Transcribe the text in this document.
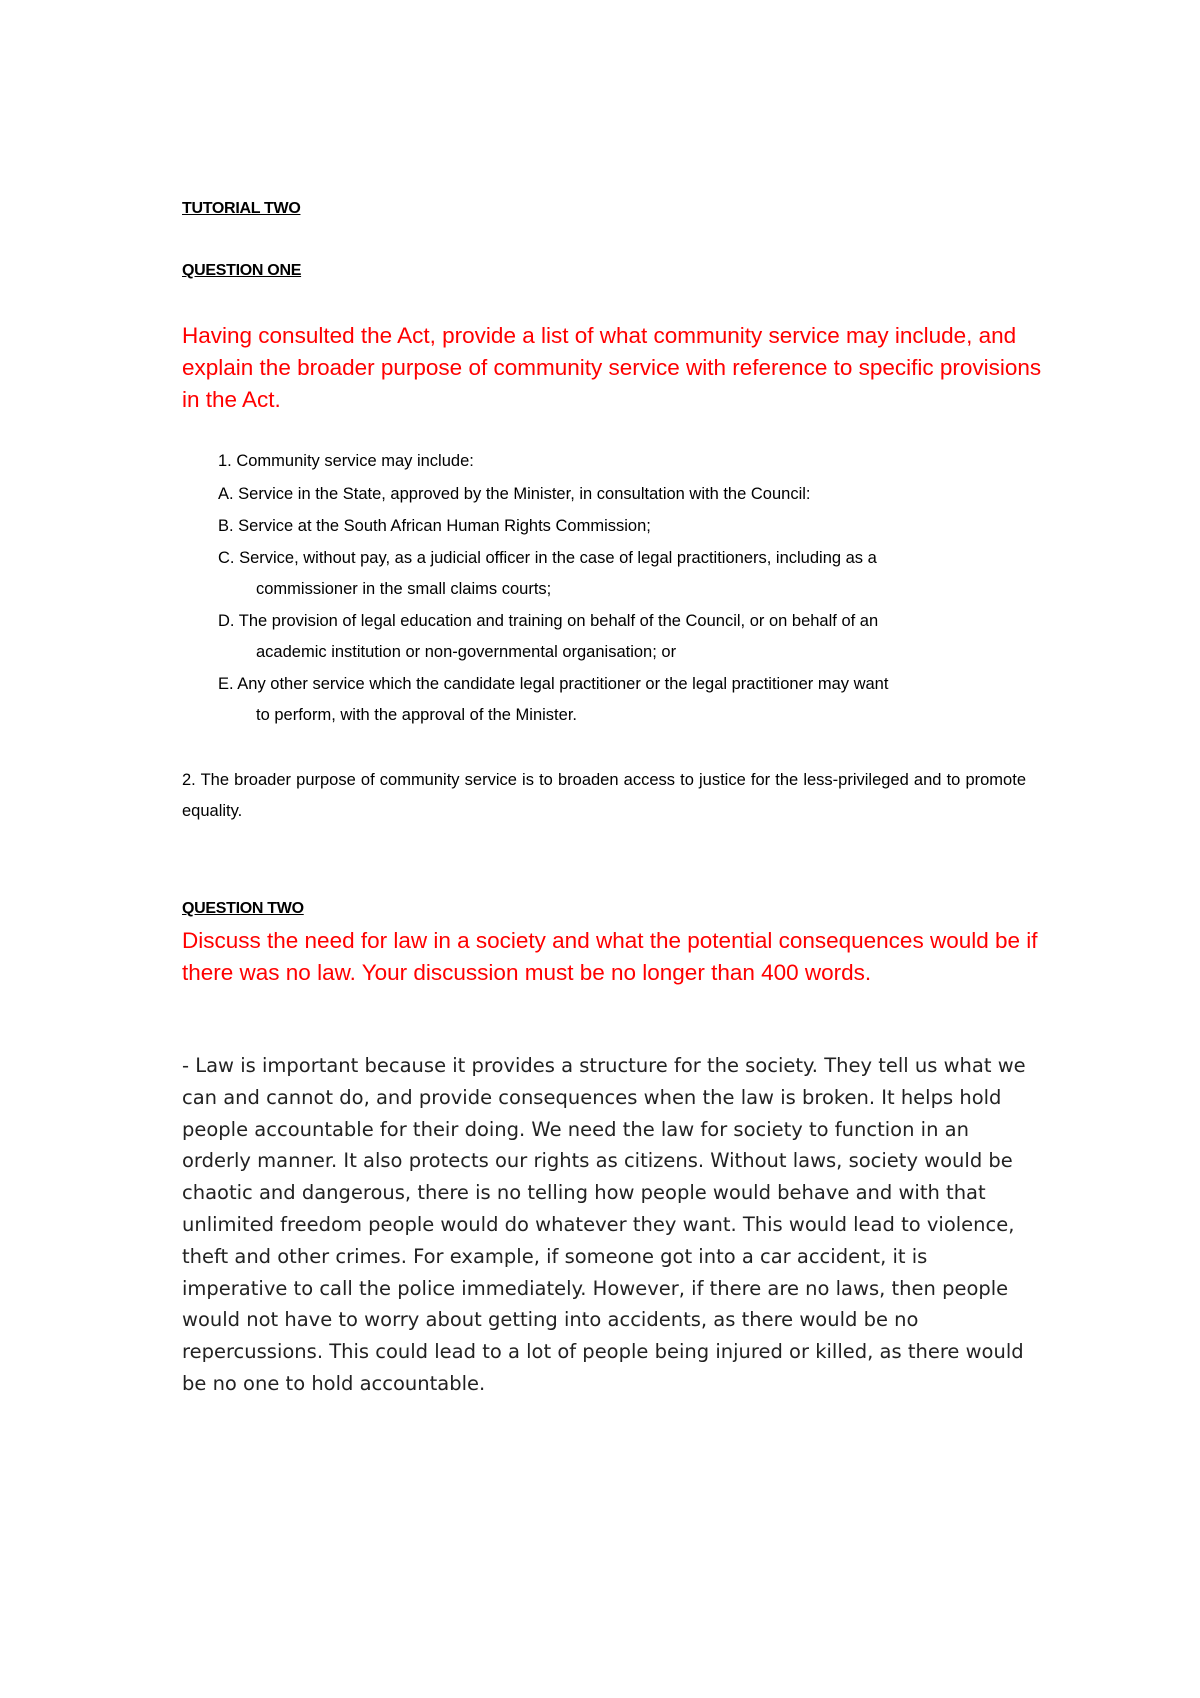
TUTORIAL TWO

QUESTION ONE

Having consulted the Act, provide a list of what community service may include, and explain the broader purpose of community service with reference to specific provisions in the Act.

1. Community service may include:

A. Service in the State, approved by the Minister, in consultation with the Council:

B. Service at the South African Human Rights Commission;

C. Service, without pay, as a judicial officer in the case of legal practitioners, including as a
commissioner in the small claims courts;

D. The provision of legal education and training on behalf of the Council, or on behalf of an
academic institution or non-governmental organisation; or

E. Any other service which the candidate legal practitioner or the legal practitioner may want
to perform, with the approval of the Minister.

2. The broader purpose of community service is to broaden access to justice for the less-privileged and to promote equality.

QUESTION TWO

Discuss the need for law in a society and what the potential consequences would be if there was no law. Your discussion must be no longer than 400 words.

- Law is important because it provides a structure for the society. They tell us what we can and cannot do, and provide consequences when the law is broken. It helps hold people accountable for their doing. We need the law for society to function in an orderly manner. It also protects our rights as citizens. Without laws, society would be chaotic and dangerous, there is no telling how people would behave and with that unlimited freedom people would do whatever they want. This would lead to violence, theft and other crimes. For example, if someone got into a car accident, it is imperative to call the police immediately. However, if there are no laws, then people would not have to worry about getting into accidents, as there would be no repercussions. This could lead to a lot of people being injured or killed, as there would be no one to hold accountable.
